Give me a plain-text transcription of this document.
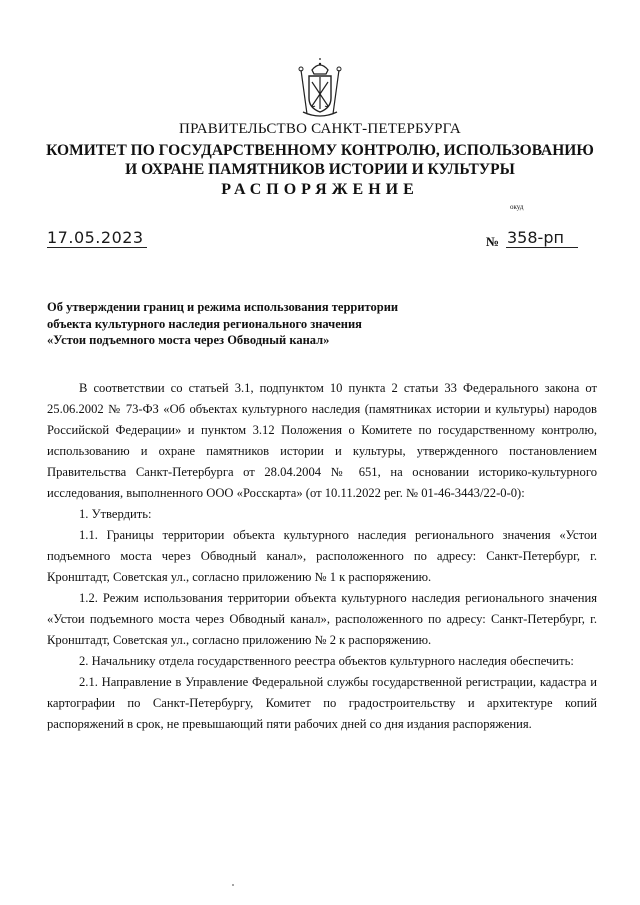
ПРАВИТЕЛЬСТВО САНКТ-ПЕТЕРБУРГА
КОМИТЕТ ПО ГОСУДАРСТВЕННОМУ КОНТРОЛЮ, ИСПОЛЬЗОВАНИЮ
И ОХРАНЕ ПАМЯТНИКОВ ИСТОРИИ И КУЛЬТУРЫ
РАСПОРЯЖЕНИЕ
окуд
17.05.2023	№ 358-рп
Об утверждении границ и режима использования территории
объекта культурного наследия регионального значения
«Устои подъемного моста через Обводный канал»

В соответствии со статьей 3.1, подпунктом 10 пункта 2 статьи 33 Федерального закона от 25.06.2002 № 73-ФЗ «Об объектах культурного наследия (памятниках истории и культуры) народов Российской Федерации» и пунктом 3.12 Положения о Комитете по государственному контролю, использованию и охране памятников истории и культуры, утвержденного постановлением Правительства Санкт-Петербурга от 28.04.2004 № 651, на основании историко-культурного исследования, выполненного ООО «Росскарта» (от 10.11.2022 рег. № 01-46-3443/22-0-0):

1. Утвердить:

1.1. Границы территории объекта культурного наследия регионального значения «Устои подъемного моста через Обводный канал», расположенного по адресу: Санкт-Петербург, г. Кронштадт, Советская ул., согласно приложению № 1 к распоряжению.

1.2. Режим использования территории объекта культурного наследия регионального значения «Устои подъемного моста через Обводный канал», расположенного по адресу: Санкт-Петербург, г. Кронштадт, Советская ул., согласно приложению № 2 к распоряжению.

2. Начальнику отдела государственного реестра объектов культурного наследия обеспечить:

2.1. Направление в Управление Федеральной службы государственной регистрации, кадастра и картографии по Санкт-Петербургу, Комитет по градостроительству и архитектуре копий распоряжений в срок, не превышающий пяти рабочих дней со дня издания распоряжения.
